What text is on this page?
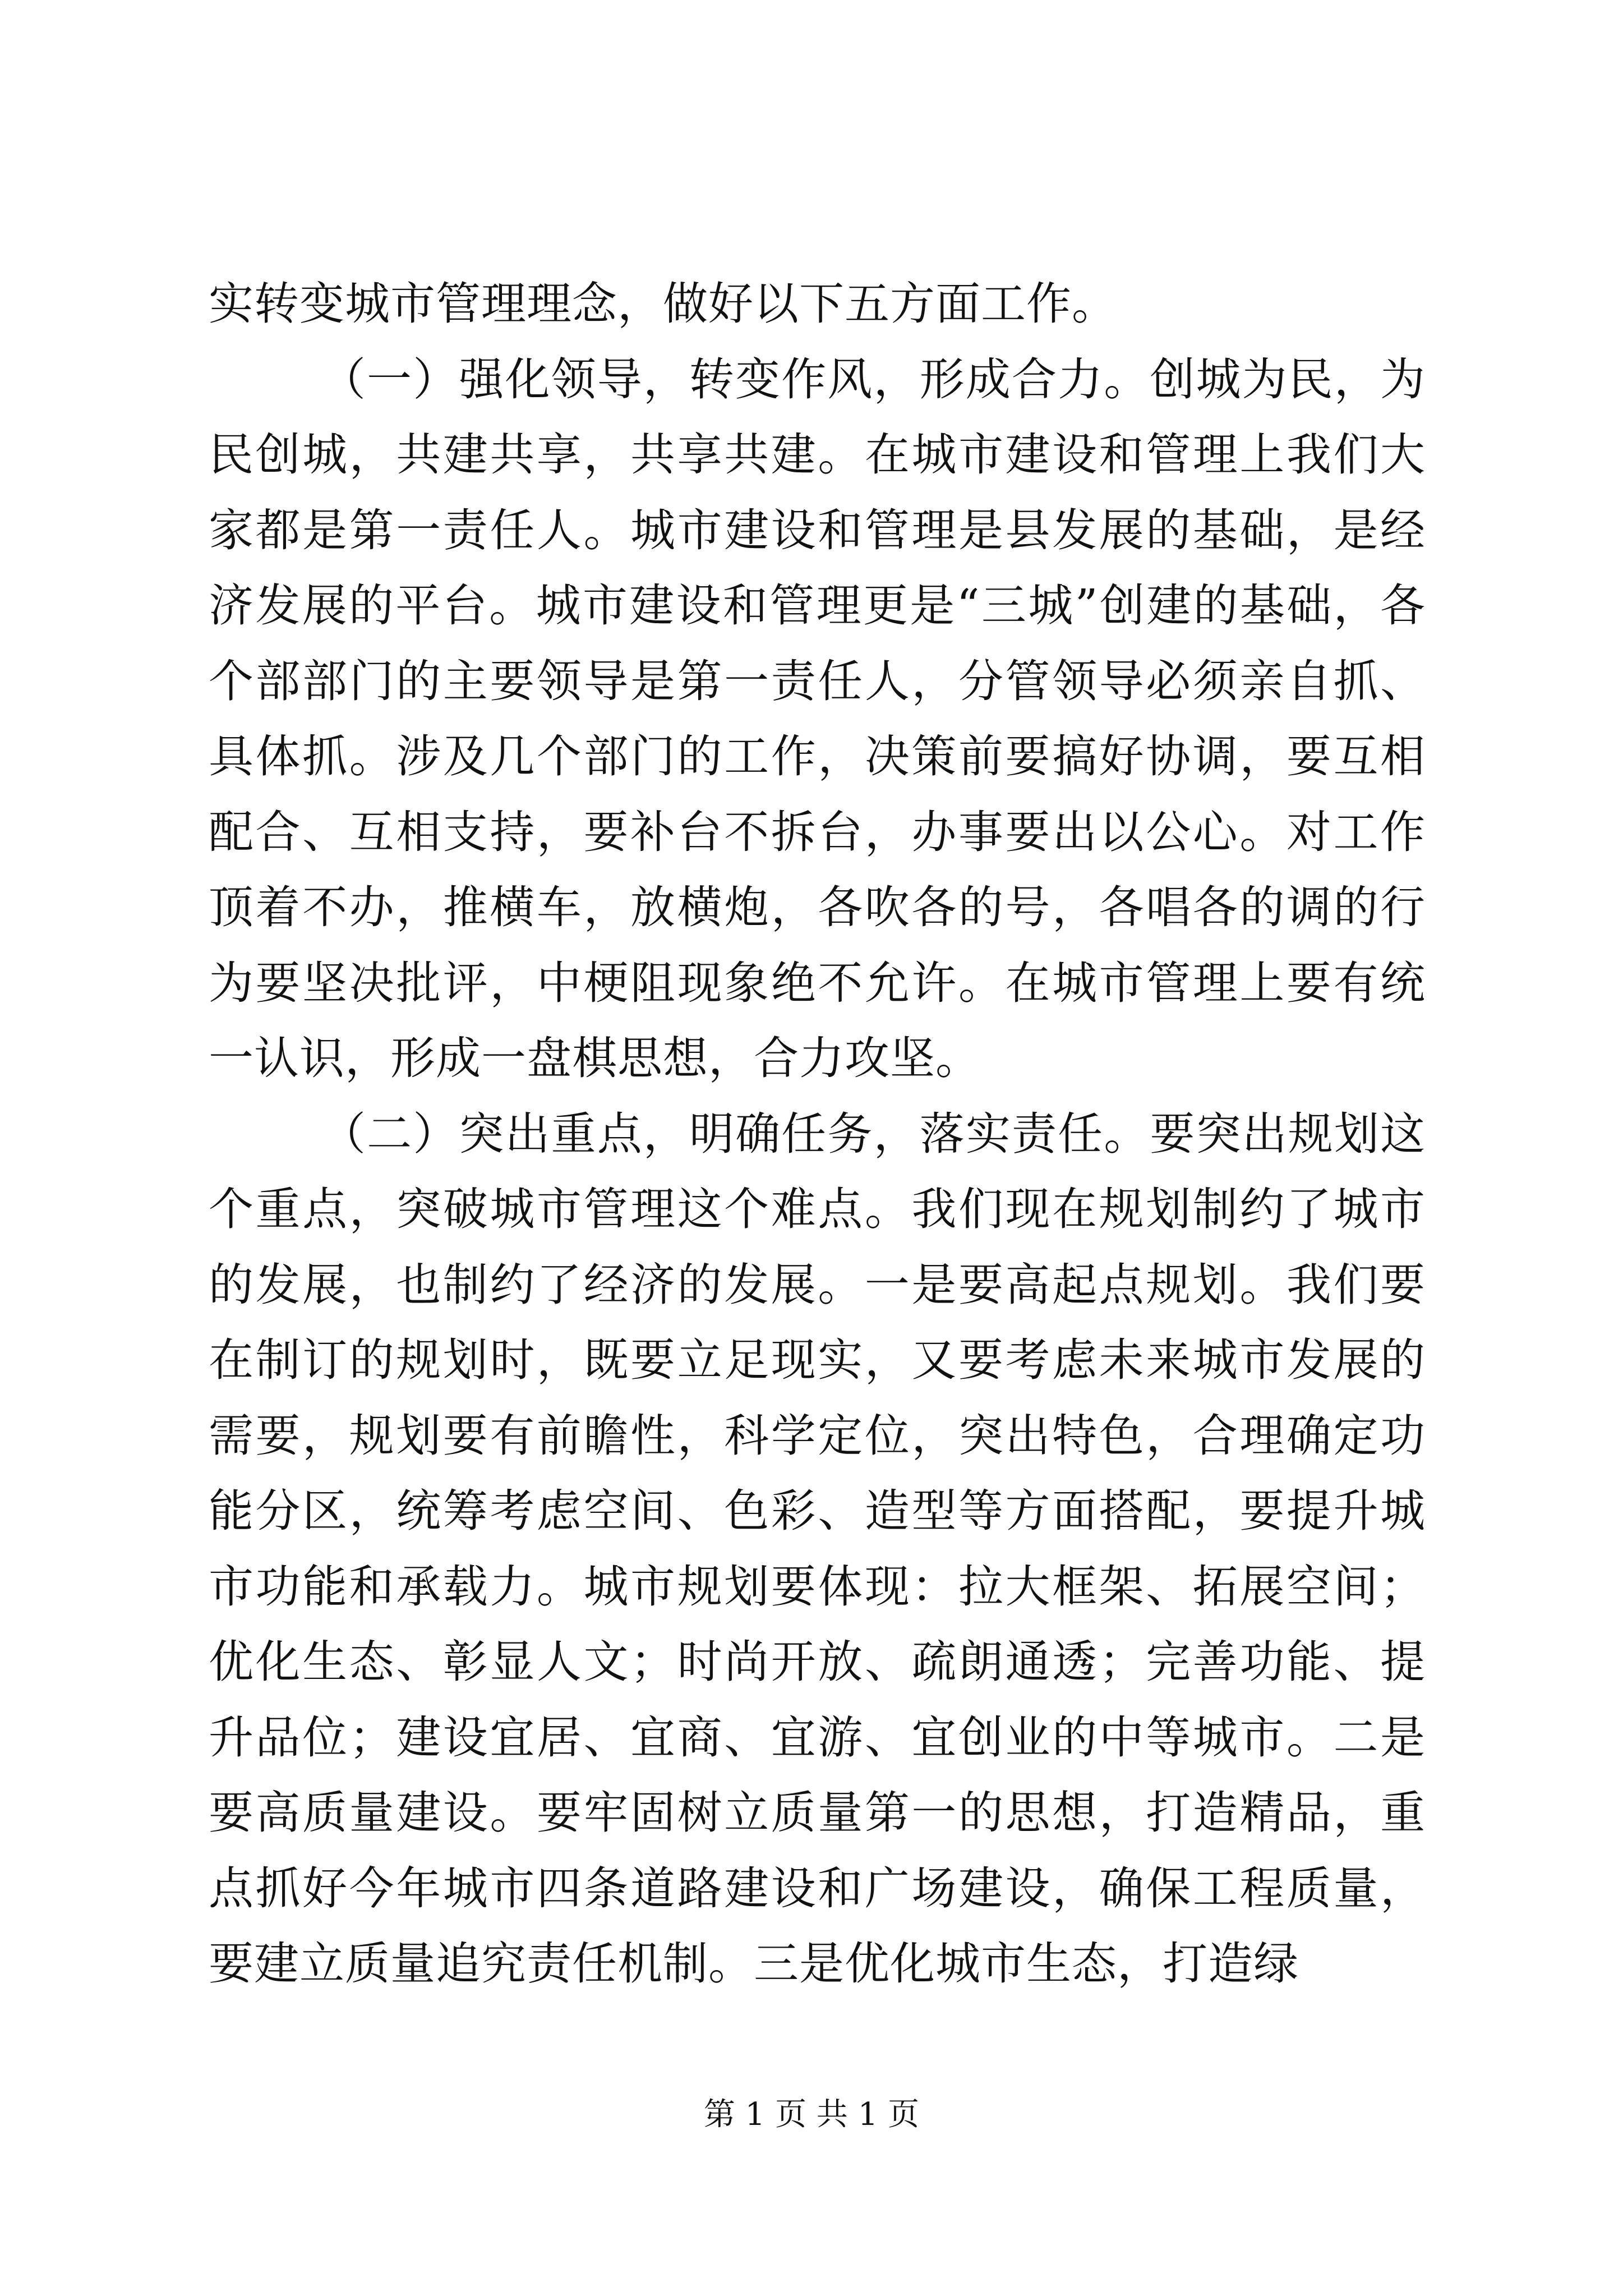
实转变城市管理理念，做好以下五方面工作。

（一）强化领导，转变作风，形成合力。创城为民，为民创城，共建共享，共享共建。在城市建设和管理上我们大家都是第一责任人。城市建设和管理是县发展的基础，是经济发展的平台。城市建设和管理更是“三城”创建的基础，各个部部门的主要领导是第一责任人，分管领导必须亲自抓、具体抓。涉及几个部门的工作，决策前要搞好协调，要互相配合、互相支持，要补台不拆台，办事要出以公心。对工作顶着不办，推横车，放横炮，各吹各的号，各唱各的调的行为要坚决批评，中梗阻现象绝不允许。在城市管理上要有统一认识，形成一盘棋思想，合力攻坚。

（二）突出重点，明确任务，落实责任。要突出规划这个重点，突破城市管理这个难点。我们现在规划制约了城市的发展，也制约了经济的发展。一是要高起点规划。我们要在制订的规划时，既要立足现实，又要考虑未来城市发展的需要，规划要有前瞻性，科学定位，突出特色，合理确定功能分区，统筹考虑空间、色彩、造型等方面搭配，要提升城市功能和承载力。城市规划要体现：拉大框架、拓展空间；优化生态、彰显人文；时尚开放、疏朗通透；完善功能、提升品位；建设宜居、宜商、宜游、宜创业的中等城市。二是要高质量建设。要牢固树立质量第一的思想，打造精品，重点抓好今年城市四条道路建设和广场建设，确保工程质量，要建立质量追究责任机制。三是优化城市生态，打造绿

第 1 页 共 1 页
